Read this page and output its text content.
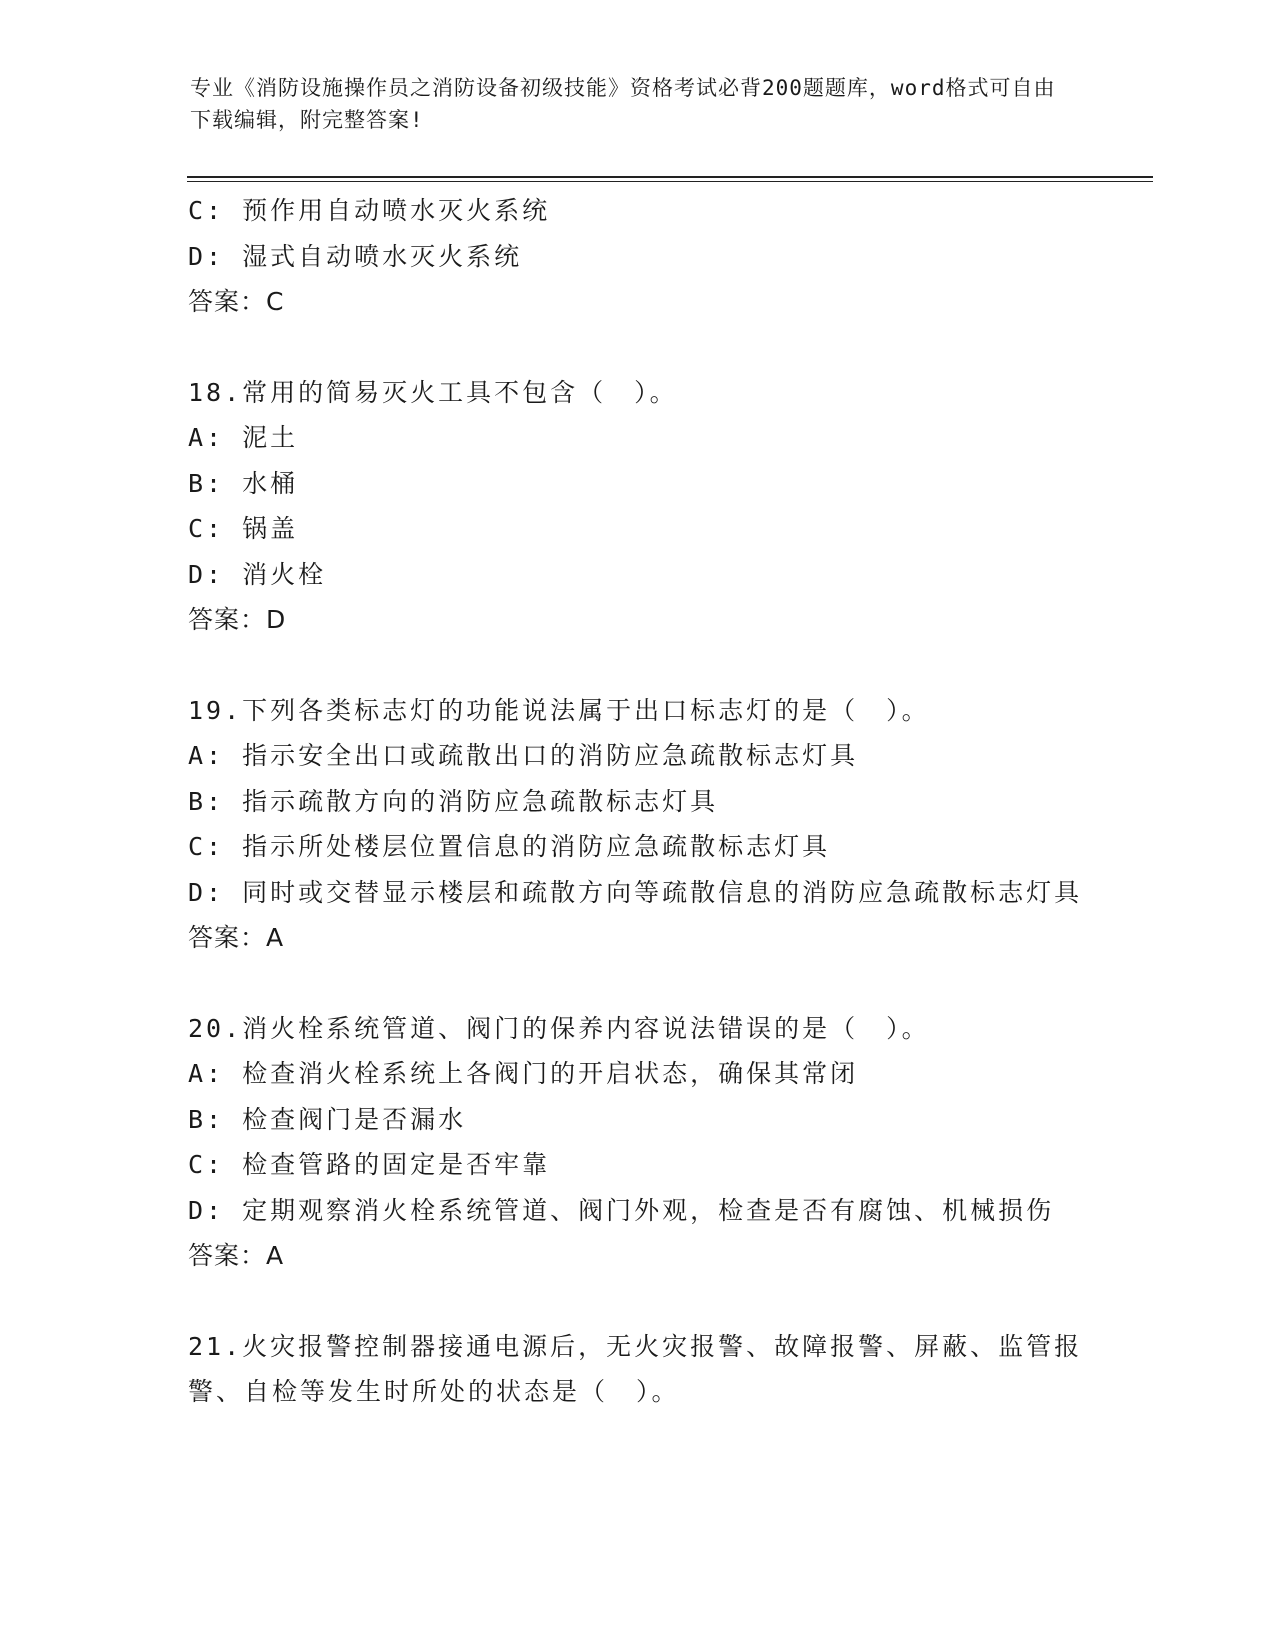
专业《消防设施操作员之消防设备初级技能》资格考试必背200题题库，word格式可自由下载编辑，附完整答案!
C: 预作用自动喷水灭火系统
D: 湿式自动喷水灭火系统
答案：C
18.常用的简易灭火工具不包含（　）。
A: 泥土
B: 水桶
C: 锅盖
D: 消火栓
答案：D
19.下列各类标志灯的功能说法属于出口标志灯的是（　）。
A: 指示安全出口或疏散出口的消防应急疏散标志灯具
B: 指示疏散方向的消防应急疏散标志灯具
C: 指示所处楼层位置信息的消防应急疏散标志灯具
D: 同时或交替显示楼层和疏散方向等疏散信息的消防应急疏散标志灯具
答案：A
20.消火栓系统管道、阀门的保养内容说法错误的是（　）。
A: 检查消火栓系统上各阀门的开启状态，确保其常闭
B: 检查阀门是否漏水
C: 检查管路的固定是否牢靠
D: 定期观察消火栓系统管道、阀门外观，检查是否有腐蚀、机械损伤
答案：A
21.火灾报警控制器接通电源后，无火灾报警、故障报警、屏蔽、监管报警、自检等发生时所处的状态是（　）。
